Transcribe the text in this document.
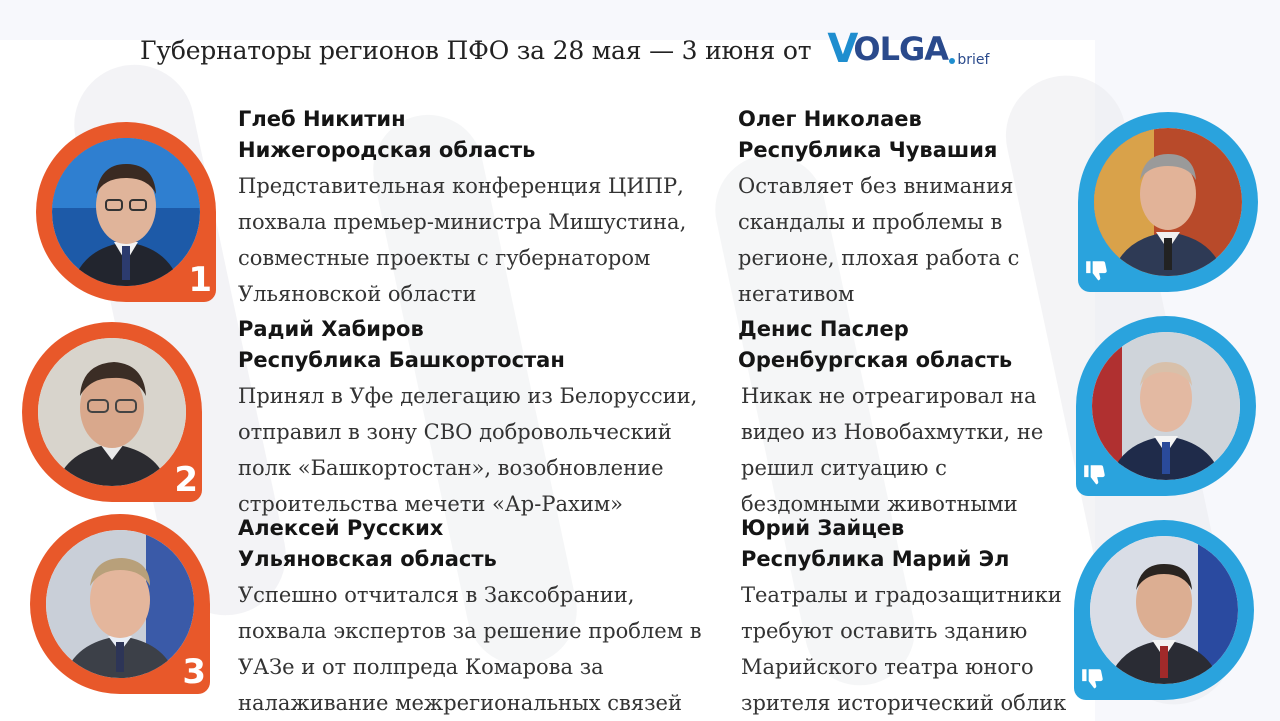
Губернаторы регионов ПФО за 28 мая — 3 июня от V
OLGA brief
1
2
3
Глеб Никитин
Нижегородская область
Представительная конференция ЦИПР,
похвала премьер-министра Мишустина,
совместные проекты с губернатором
Ульяновской области
Радий Хабиров
Республика Башкортостан
Принял в Уфе делегацию из Белоруссии,
отправил в зону СВО добровольческий
полк «Башкортостан», возобновление
строительства мечети «Ар-Рахим»
Алексей Русских
Ульяновская область
Успешно отчитался в Заксобрании,
похвала экспертов за решение проблем в
УАЗе и от полпреда Комарова за
налаживание межрегиональных связей
Олег Николаев
Республика Чувашия
Оставляет без внимания
скандалы и проблемы в
регионе, плохая работа с
негативом
Денис Паслер
Оренбургская область
Никак не отреагировал на
видео из Новобахмутки, не
решил ситуацию с
бездомными животными
Юрий Зайцев
Республика Марий Эл
Театралы и градозащитники
требуют оставить зданию
Марийского театра юного
зрителя исторический облик
